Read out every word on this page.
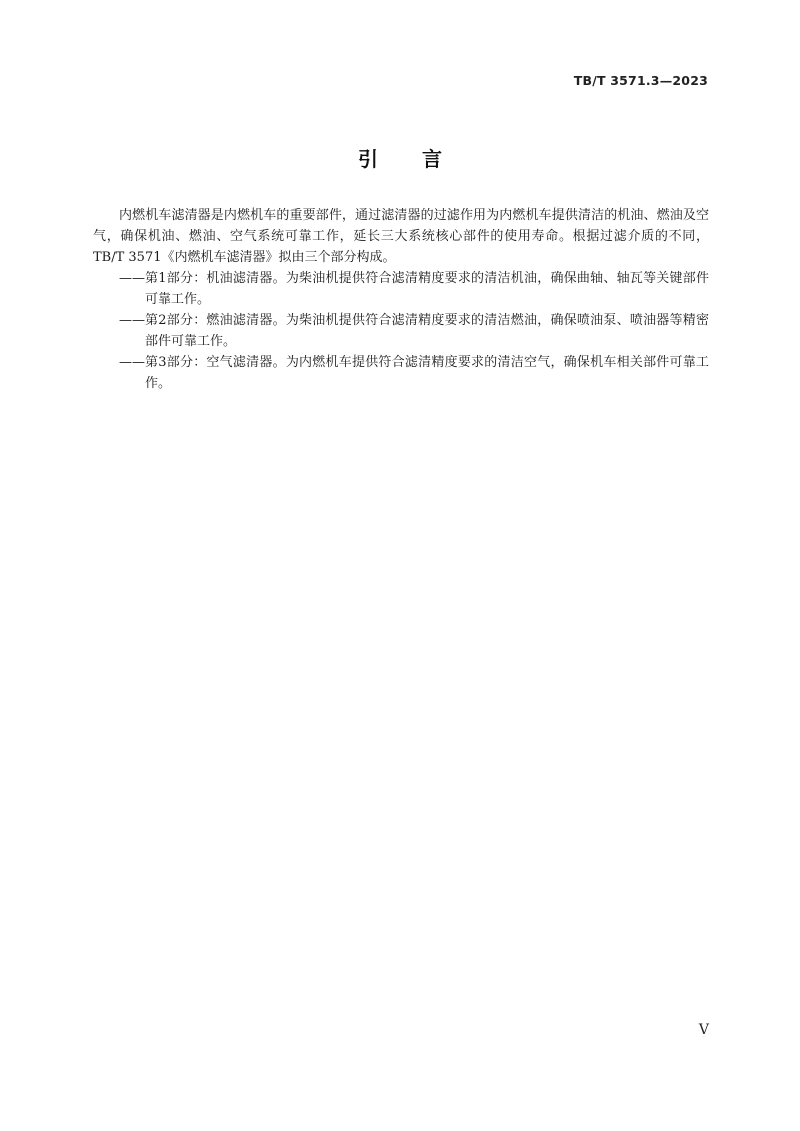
TB/T 3571.3—2023
引言

内燃机车滤清器是内燃机车的重要部件，通过滤清器的过滤作用为内燃机车提供清洁的机油、燃油及空气，确保机油、燃油、空气系统可靠工作，延长三大系统核心部件的使用寿命。根据过滤介质的不同，TB/T 3571《内燃机车滤清器》拟由三个部分构成。

—— 第1部分：机油滤清器。为柴油机提供符合滤清精度要求的清洁机油，确保曲轴、轴瓦等关键部件可靠工作。
—— 第2部分：燃油滤清器。为柴油机提供符合滤清精度要求的清洁燃油，确保喷油泵、喷油器等精密部件可靠工作。
—— 第3部分：空气滤清器。为内燃机车提供符合滤清精度要求的清洁空气，确保机车相关部件可靠工作。
V
